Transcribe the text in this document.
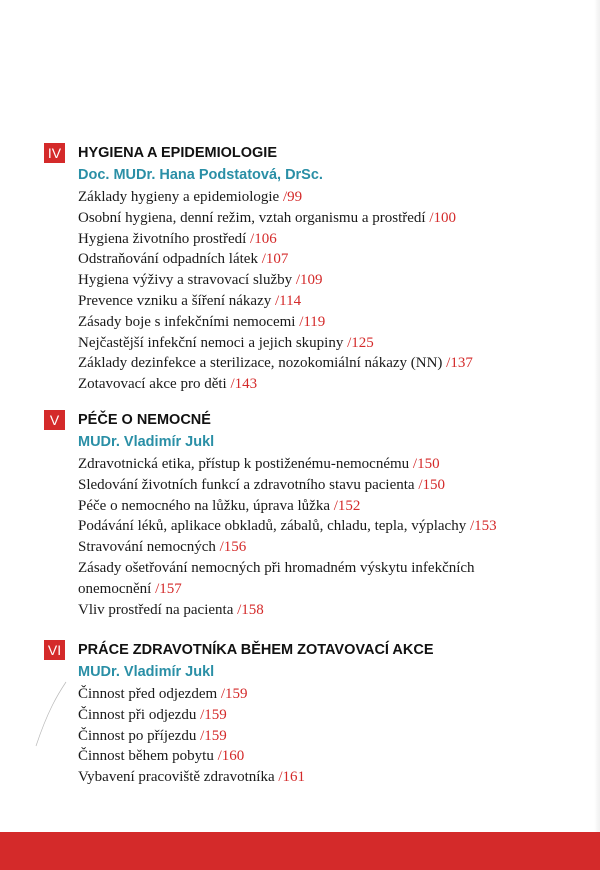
IV HYGIENA A EPIDEMIOLOGIE
Doc. MUDr. Hana Podstatová, DrSc.
Základy hygieny a epidemiologie /99
Osobní hygiena, denní režim, vztah organismu a prostředí /100
Hygiena životního prostředí /106
Odstraňování odpadních látek /107
Hygiena výživy a stravovací služby /109
Prevence vzniku a šíření nákazy /114
Zásady boje s infekčními nemocemi /119
Nejčastější infekční nemoci a jejich skupiny /125
Základy dezinfekce a sterilizace, nozokomiální nákazy (NN) /137
Zotavovací akce pro děti /143
V	PÉČE O NEMOCNÉ
MUDr. Vladimír Jukl
Zdravotnická etika, přístup k postiženému-nemocnému /150
Sledování životních funkcí a zdravotního stavu pacienta /150
Péče o nemocného na lůžku, úprava lůžka /152
Podávání léků, aplikace obkladů, zábalů, chladu, tepla, výplachy /153
Stravování nemocných /156
Zásady ošetřování nemocných při hromadném výskytu infekčních
onemocnění /157
Vliv prostředí na pacienta /158
VI PRÁCE ZDRAVOTNÍKA BĚHEM ZOTAVOVACÍ AKCE
MUDr. Vladimír Jukl
Činnost před odjezdem /159
Činnost při odjezdu /159
Činnost po příjezdu /159
Činnost během pobytu /160
Vybavení pracoviště zdravotníka /161
